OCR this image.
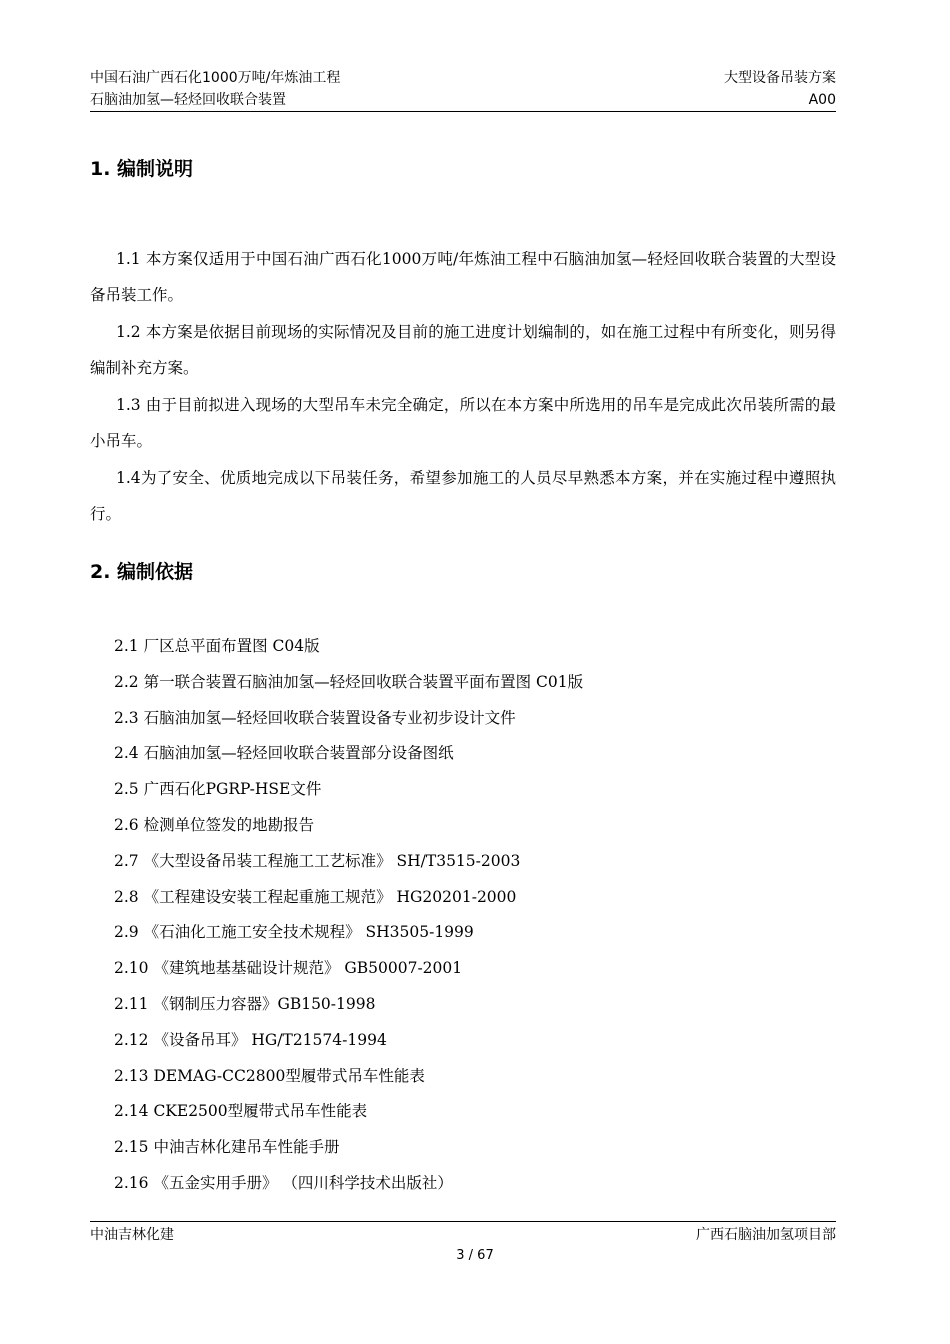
中国石油广西石化1000万吨/年炼油工程	大型设备吊装方案
石脑油加氢—轻烃回收联合装置	A00
1. 编制说明

1.1 本方案仅适用于中国石油广西石化1000万吨/年炼油工程中石脑油加氢—轻烃回收联合装置的大型设备吊装工作。

1.2 本方案是依据目前现场的实际情况及目前的施工进度计划编制的，如在施工过程中有所变化，则另得编制补充方案。

1.3 由于目前拟进入现场的大型吊车未完全确定，所以在本方案中所选用的吊车是完成此次吊装所需的最小吊车。

1.4为了安全、优质地完成以下吊装任务，希望参加施工的人员尽早熟悉本方案，并在实施过程中遵照执行。

2. 编制依据
2.1 厂区总平面布置图 C04版
2.2 第一联合装置石脑油加氢—轻烃回收联合装置平面布置图 C01版
2.3 石脑油加氢—轻烃回收联合装置设备专业初步设计文件
2.4 石脑油加氢—轻烃回收联合装置部分设备图纸
2.5 广西石化PGRP-HSE文件
2.6 检测单位签发的地勘报告
2.7 《大型设备吊装工程施工工艺标准》 SH/T3515-2003
2.8 《工程建设安装工程起重施工规范》 HG20201-2000
2.9 《石油化工施工安全技术规程》 SH3505-1999
2.10 《建筑地基基础设计规范》 GB50007-2001
2.11 《钢制压力容器》GB150-1998
2.12 《设备吊耳》 HG/T21574-1994
2.13 DEMAG-CC2800型履带式吊车性能表
2.14 CKE2500型履带式吊车性能表
2.15 中油吉林化建吊车性能手册
2.16 《五金实用手册》 （四川科学技术出版社）
中油吉林化建	广西石脑油加氢项目部
3 / 67
